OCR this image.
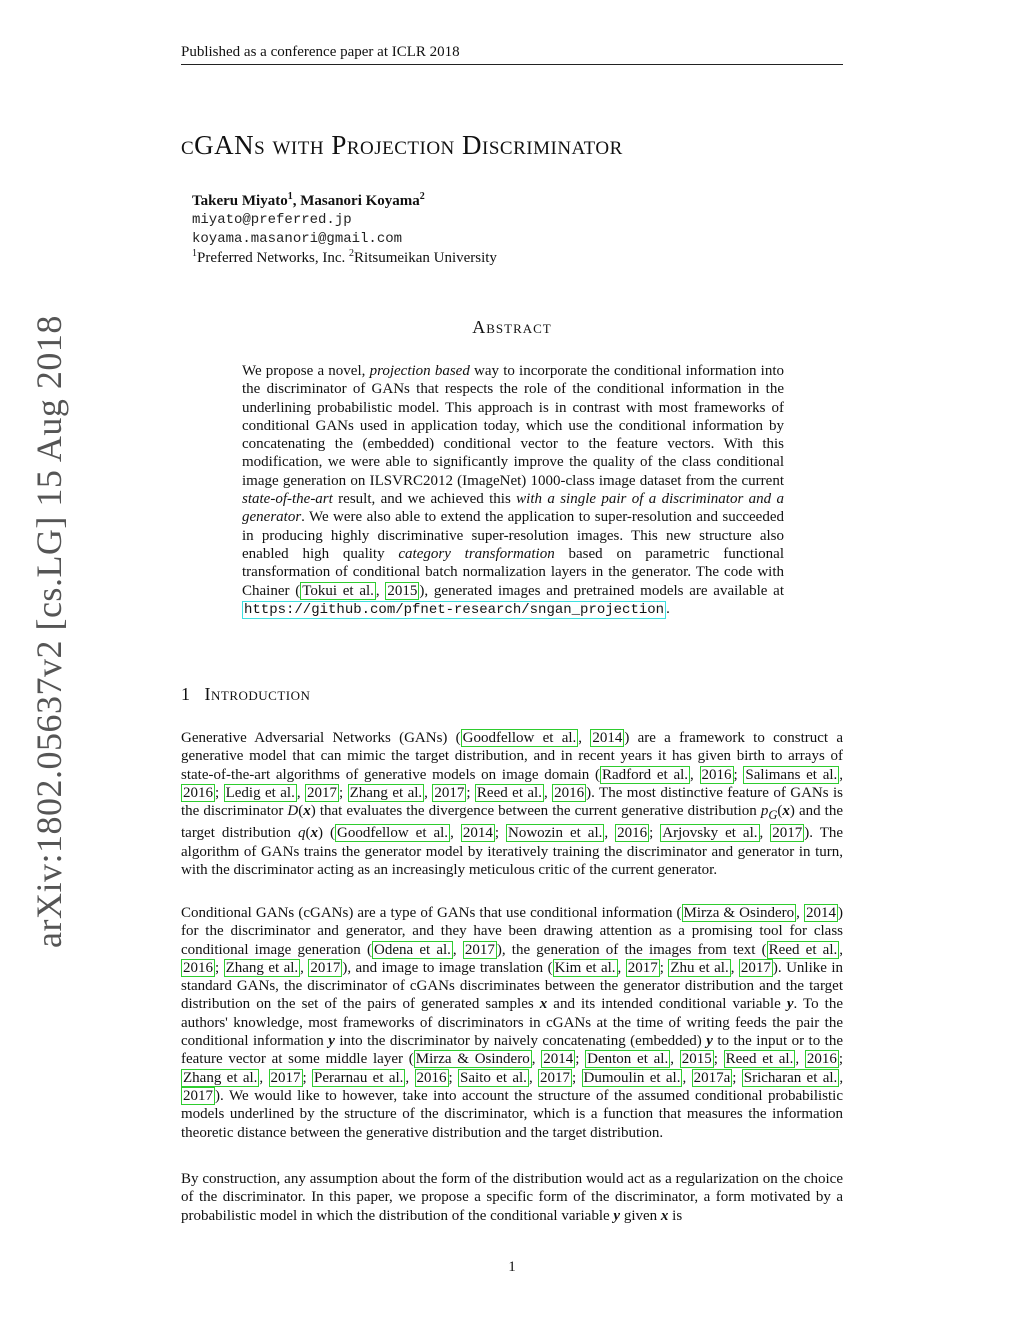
Published as a conference paper at ICLR 2018
arXiv:1802.05637v2 [cs.LG] 15 Aug 2018
cGANs with Projection Discriminator
Takeru Miyato$^1$, Masanori Koyama$^2$
miyato@preferred.jp
koyama.masanori@gmail.com
$^1$Preferred Networks, Inc. $^2$Ritsumeikan University
Abstract
We propose a novel, projection based way to incorporate the conditional information into the discriminator of GANs that respects the role of the conditional information in the underlining probabilistic model. This approach is in contrast with most frameworks of conditional GANs used in application today, which use the conditional information by concatenating the (embedded) conditional vector to the feature vectors. With this modification, we were able to significantly improve the quality of the class conditional image generation on ILSVRC2012 (ImageNet) 1000-class image dataset from the current state-of-the-art result, and we achieved this with a single pair of a discriminator and a generator. We were also able to extend the application to super-resolution and succeeded in producing highly discriminative super-resolution images. This new structure also enabled high quality category transformation based on parametric functional transformation of conditional batch normalization layers in the generator. The code with Chainer ( Tokui et al. , 2015 ), generated images and pretrained models are available at https://github.com/pfnet-research/sngan_projection .
1 Introduction
Generative Adversarial Networks (GANs) ( Goodfellow et al. , 2014 ) are a framework to construct a generative model that can mimic the target distribution, and in recent years it has given birth to arrays of state-of-the-art algorithms of generative models on image domain ( Radford et al. , 2016 ; Salimans et al. , 2016 ; Ledig et al. , 2017 ; Zhang et al. , 2017 ; Reed et al. , 2016 ). The most distinctive feature of GANs is the discriminator D(x) that evaluates the divergence between the current generative distribution $p_G(x)$ and the target distribution q(x) ( Goodfellow et al. , 2014 ; Nowozin et al. , 2016 ; Arjovsky et al. , 2017 ). The algorithm of GANs trains the generator model by iteratively training the discriminator and generator in turn, with the discriminator acting as an increasingly meticulous critic of the current generator.
Conditional GANs (cGANs) are a type of GANs that use conditional information ( Mirza & Osindero , 2014 ) for the discriminator and generator, and they have been drawing attention as a promising tool for class conditional image generation ( Odena et al. , 2017 ), the generation of the images from text ( Reed et al. , 2016 ; Zhang et al. , 2017 ), and image to image translation ( Kim et al. , 2017 ; Zhu et al. , 2017 ). Unlike in standard GANs, the discriminator of cGANs discriminates between the generator distribution and the target distribution on the set of the pairs of generated samples x and its intended conditional variable y. To the authors' knowledge, most frameworks of discriminators in cGANs at the time of writing feeds the pair the conditional information y into the discriminator by naively concatenating (embedded) y to the input or to the feature vector at some middle layer ( Mirza & Osindero , 2014 ; Denton et al. , 2015 ; Reed et al. , 2016 ; Zhang et al. , 2017 ; Perarnau et al. , 2016 ; Saito et al. , 2017 ; Dumoulin et al. , 2017a ; Sricharan et al. , 2017 ). We would like to however, take into account the structure of the assumed conditional probabilistic models underlined by the structure of the discriminator, which is a function that measures the information theoretic distance between the generative distribution and the target distribution.
By construction, any assumption about the form of the distribution would act as a regularization on the choice of the discriminator. In this paper, we propose a specific form of the discriminator, a form motivated by a probabilistic model in which the distribution of the conditional variable y given x is
1
